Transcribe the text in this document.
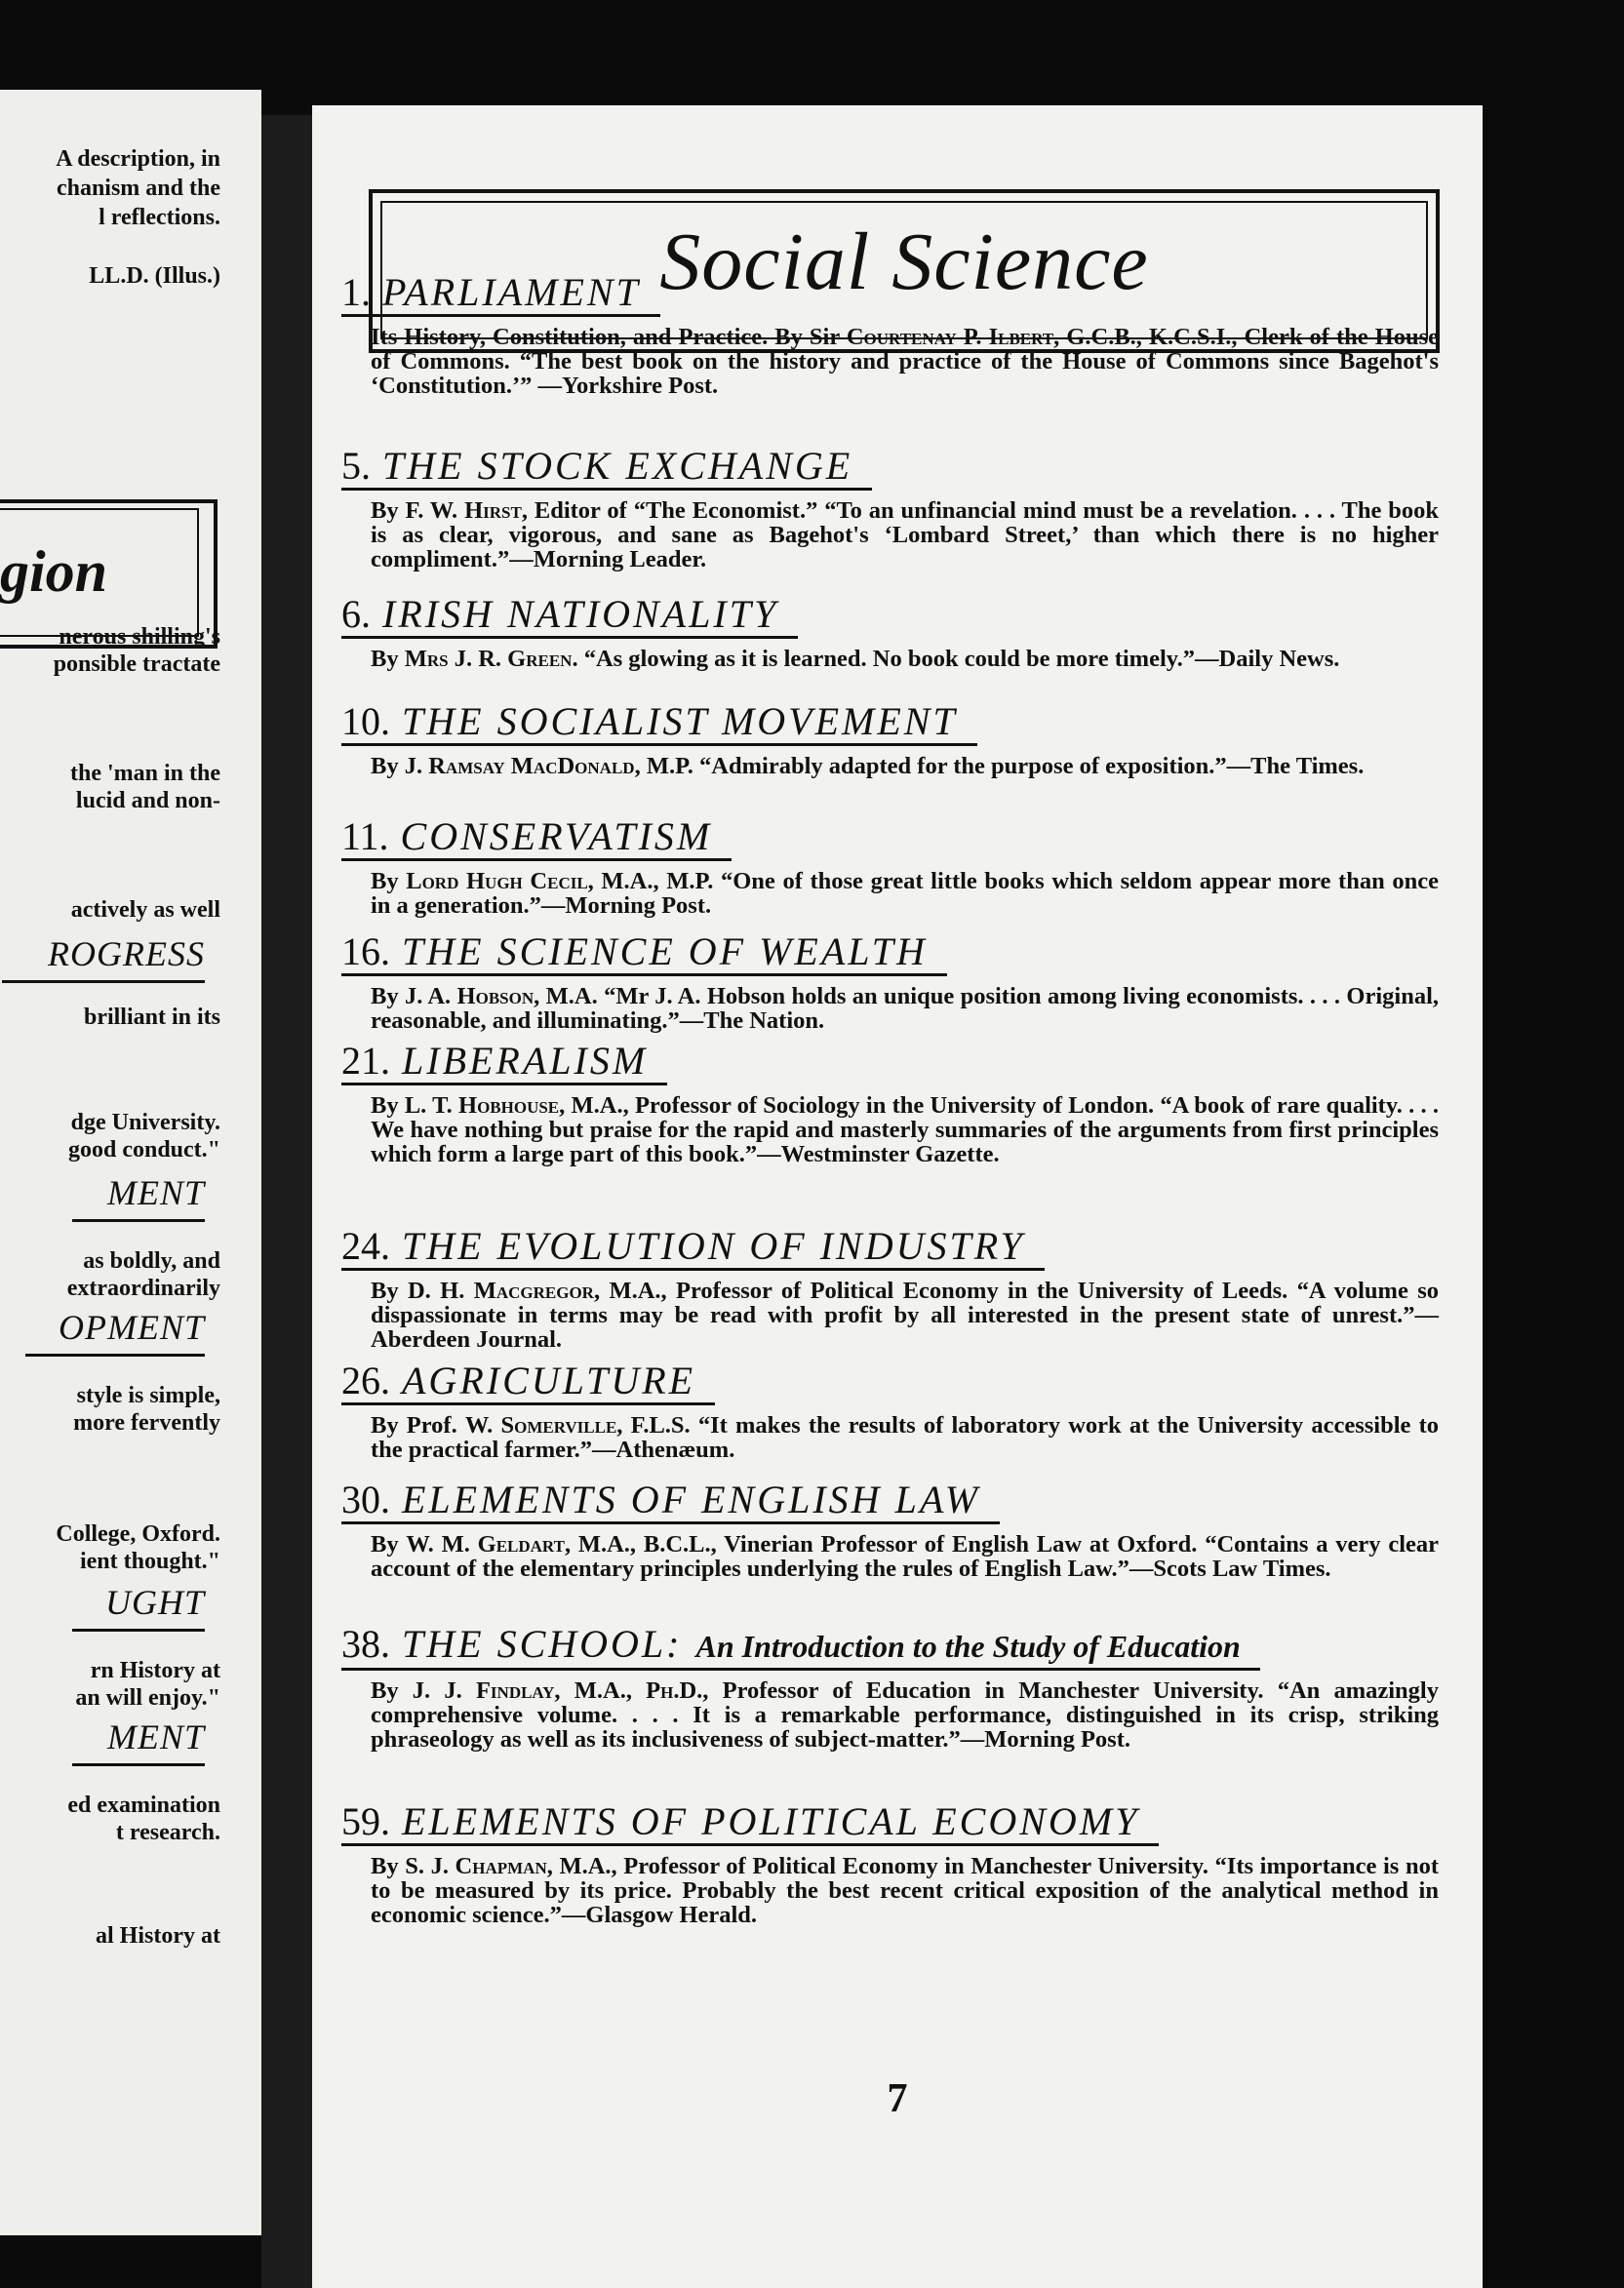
gion
A description, in
chanism and the
l reflections.
LL.D. (Illus.)
nerous shilling's
ponsible tractate
the 'man in the
lucid and non-
actively as well
brilliant in its
dge University.
good conduct."
as boldly, and
extraordinarily
style is simple,
more fervently
College, Oxford.
ient thought."
rn History at
an will enjoy."
ed examination
t research.
al History at
ROGRESS
MENT
OPMENT
UGHT
MENT
Social Science
7
1. PARLIAMENT
Its History, Constitution, and Practice. By Sir Courtenay P. Ilbert, G.C.B., K.C.S.I., Clerk of the House of Commons. “The best book on the history and practice of the House of Commons since Bagehot's ‘Constitution.’” —Yorkshire Post.
5. THE STOCK EXCHANGE
By F. W. Hirst, Editor of “The Economist.” “To an unfinancial mind must be a revelation. . . . The book is as clear, vigorous, and sane as Bagehot's ‘Lombard Street,’ than which there is no higher compliment.”—Morning Leader.
6. IRISH NATIONALITY
By Mrs J. R. Green. “As glowing as it is learned. No book could be more timely.”—Daily News.
10. THE SOCIALIST MOVEMENT
By J. Ramsay MacDonald, M.P. “Admirably adapted for the purpose of exposition.”—The Times.
11. CONSERVATISM
By Lord Hugh Cecil, M.A., M.P. “One of those great little books which seldom appear more than once in a generation.”—Morning Post.
16. THE SCIENCE OF WEALTH
By J. A. Hobson, M.A. “Mr J. A. Hobson holds an unique position among living economists. . . . Original, reasonable, and illuminating.”—The Nation.
21. LIBERALISM
By L. T. Hobhouse, M.A., Professor of Sociology in the University of London. “A book of rare quality. . . . We have nothing but praise for the rapid and masterly summaries of the arguments from first principles which form a large part of this book.”—Westminster Gazette.
24. THE EVOLUTION OF INDUSTRY
By D. H. Macgregor, M.A., Professor of Political Economy in the University of Leeds. “A volume so dispassionate in terms may be read with profit by all interested in the present state of unrest.”—Aberdeen Journal.
26. AGRICULTURE
By Prof. W. Somerville, F.L.S. “It makes the results of laboratory work at the University accessible to the practical farmer.”—Athenæum.
30. ELEMENTS OF ENGLISH LAW
By W. M. Geldart, M.A., B.C.L., Vinerian Professor of English Law at Oxford. “Contains a very clear account of the elementary principles underlying the rules of English Law.”—Scots Law Times.
38. THE SCHOOL: An Introduction to the Study of Education
By J. J. Findlay, M.A., Ph.D., Professor of Education in Manchester University. “An amazingly comprehensive volume. . . . It is a remarkable performance, distinguished in its crisp, striking phraseology as well as its inclusiveness of subject-matter.”—Morning Post.
59. ELEMENTS OF POLITICAL ECONOMY
By S. J. Chapman, M.A., Professor of Political Economy in Manchester University. “Its importance is not to be measured by its price. Probably the best recent critical exposition of the analytical method in economic science.”—Glasgow Herald.
